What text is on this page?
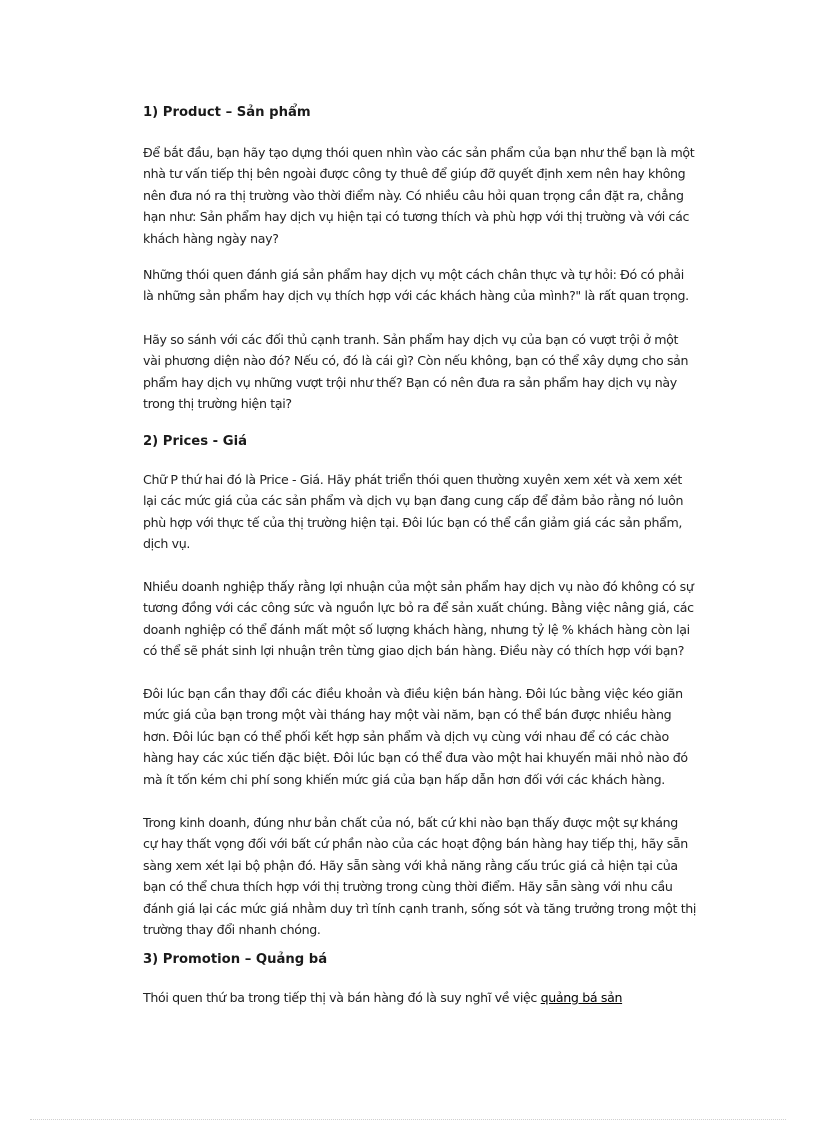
1) Product – Sản phẩm

Để bắt đầu, bạn hãy tạo dựng thói quen nhìn vào các sản phẩm của bạn như thể bạn là một
nhà tư vấn tiếp thị bên ngoài được công ty thuê để giúp đỡ quyết định xem nên hay không
nên đưa nó ra thị trường vào thời điểm này. Có nhiều câu hỏi quan trọng cần đặt ra, chẳng
hạn như: Sản phẩm hay dịch vụ hiện tại có tương thích và phù hợp với thị trường và với các
khách hàng ngày nay?

Những thói quen đánh giá sản phẩm hay dịch vụ một cách chân thực và tự hỏi: Đó có phải
là những sản phẩm hay dịch vụ thích hợp với các khách hàng của mình?" là rất quan trọng.

Hãy so sánh với các đối thủ cạnh tranh. Sản phẩm hay dịch vụ của bạn có vượt trội ở một
vài phương diện nào đó? Nếu có, đó là cái gì? Còn nếu không, bạn có thể xây dựng cho sản
phẩm hay dịch vụ những vượt trội như thế? Bạn có nên đưa ra sản phẩm hay dịch vụ này
trong thị trường hiện tại?

2) Prices - Giá

Chữ P thứ hai đó là Price - Giá. Hãy phát triển thói quen thường xuyên xem xét và xem xét
lại các mức giá của các sản phẩm và dịch vụ bạn đang cung cấp để đảm bảo rằng nó luôn
phù hợp với thực tế của thị trường hiện tại. Đôi lúc bạn có thể cần giảm giá các sản phẩm,
dịch vụ.

Nhiều doanh nghiệp thấy rằng lợi nhuận của một sản phẩm hay dịch vụ nào đó không có sự
tương đồng với các công sức và nguồn lực bỏ ra để sản xuất chúng. Bằng việc nâng giá, các
doanh nghiệp có thể đánh mất một số lượng khách hàng, nhưng tỷ lệ % khách hàng còn lại
có thể sẽ phát sinh lợi nhuận trên từng giao dịch bán hàng. Điều này có thích hợp với bạn?

Đôi lúc bạn cần thay đổi các điều khoản và điều kiện bán hàng. Đôi lúc bằng việc kéo giãn
mức giá của bạn trong một vài tháng hay một vài năm, bạn có thể bán được nhiều hàng
hơn. Đôi lúc bạn có thể phối kết hợp sản phẩm và dịch vụ cùng với nhau để có các chào
hàng hay các xúc tiến đặc biệt. Đôi lúc bạn có thể đưa vào một hai khuyến mãi nhỏ nào đó
mà ít tốn kém chi phí song khiến mức giá của bạn hấp dẫn hơn đối với các khách hàng.

Trong kinh doanh, đúng như bản chất của nó, bất cứ khi nào bạn thấy được một sự kháng
cự hay thất vọng đối với bất cứ phần nào của các hoạt động bán hàng hay tiếp thị, hãy sẵn
sàng xem xét lại bộ phận đó. Hãy sẵn sàng với khả năng rằng cấu trúc giá cả hiện tại của
bạn có thể chưa thích hợp với thị trường trong cùng thời điểm. Hãy sẵn sàng với nhu cầu
đánh giá lại các mức giá nhằm duy trì tính cạnh tranh, sống sót và tăng trưởng trong một thị
trường thay đổi nhanh chóng.

3) Promotion – Quảng bá

Thói quen thứ ba trong tiếp thị và bán hàng đó là suy nghĩ về việc quảng bá sản
